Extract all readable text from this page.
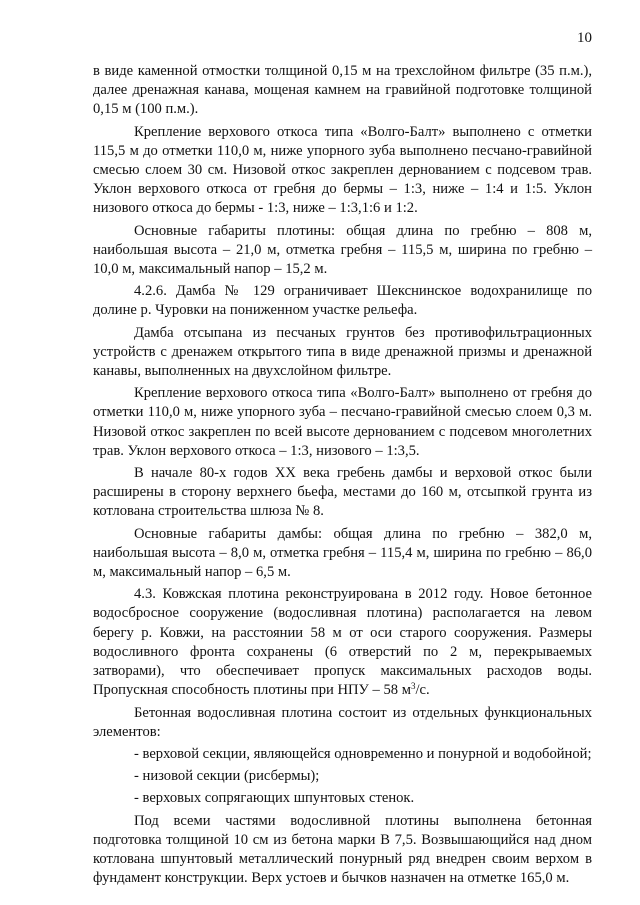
10

в виде каменной отмостки толщиной 0,15 м на трехслойном фильтре (35 п.м.), далее дренажная канава, мощеная камнем на гравийной подготовке толщиной 0,15 м (100 п.м.).

Крепление верхового откоса типа «Волго-Балт» выполнено с отметки 115,5 м до отметки 110,0 м, ниже упорного зуба выполнено песчано-гравийной смесью слоем 30 см. Низовой откос закреплен дернованием с подсевом трав. Уклон верхового откоса от гребня до бермы – 1:3, ниже – 1:4 и 1:5. Уклон низового откоса до бермы - 1:3, ниже – 1:3,1:6 и 1:2.

Основные габариты плотины: общая длина по гребню – 808 м, наибольшая высота – 21,0 м, отметка гребня – 115,5 м, ширина по гребню – 10,0 м, максимальный напор – 15,2 м.

4.2.6. Дамба № 129 ограничивает Шекснинское водохранилище по долине р. Чуровки на пониженном участке рельефа.

Дамба отсыпана из песчаных грунтов без противофильтрационных устройств с дренажем открытого типа в виде дренажной призмы и дренажной канавы, выполненных на двухслойном фильтре.

Крепление верхового откоса типа «Волго-Балт» выполнено от гребня до отметки 110,0 м, ниже упорного зуба – песчано-гравийной смесью слоем 0,3 м. Низовой откос закреплен по всей высоте дернованием с подсевом многолетних трав. Уклон верхового откоса – 1:3, низового – 1:3,5.

В начале 80-х годов XX века гребень дамбы и верховой откос были расширены в сторону верхнего бьефа, местами до 160 м, отсыпкой грунта из котлована строительства шлюза № 8.

Основные габариты дамбы: общая длина по гребню – 382,0 м, наибольшая высота – 8,0 м, отметка гребня – 115,4 м, ширина по гребню – 86,0 м, максимальный напор – 6,5 м.

4.3. Ковжская плотина реконструирована в 2012 году. Новое бетонное водосбросное сооружение (водосливная плотина) располагается на левом берегу р. Ковжи, на расстоянии 58 м от оси старого сооружения. Размеры водосливного фронта сохранены (6 отверстий по 2 м, перекрываемых затворами), что обеспечивает пропуск максимальных расходов воды. Пропускная способность плотины при НПУ – 58 $м^3/с$.

Бетонная водосливная плотина состоит из отдельных функциональных элементов:

- верховой секции, являющейся одновременно и понурной и водобойной;

- низовой секции (рисбермы);

- верховых сопрягающих шпунтовых стенок.

Под всеми частями водосливной плотины выполнена бетонная подготовка толщиной 10 см из бетона марки В 7,5. Возвышающийся над дном котлована шпунтовый металлический понурный ряд внедрен своим верхом в фундамент конструкции. Верх устоев и бычков назначен на отметке 165,0 м.
